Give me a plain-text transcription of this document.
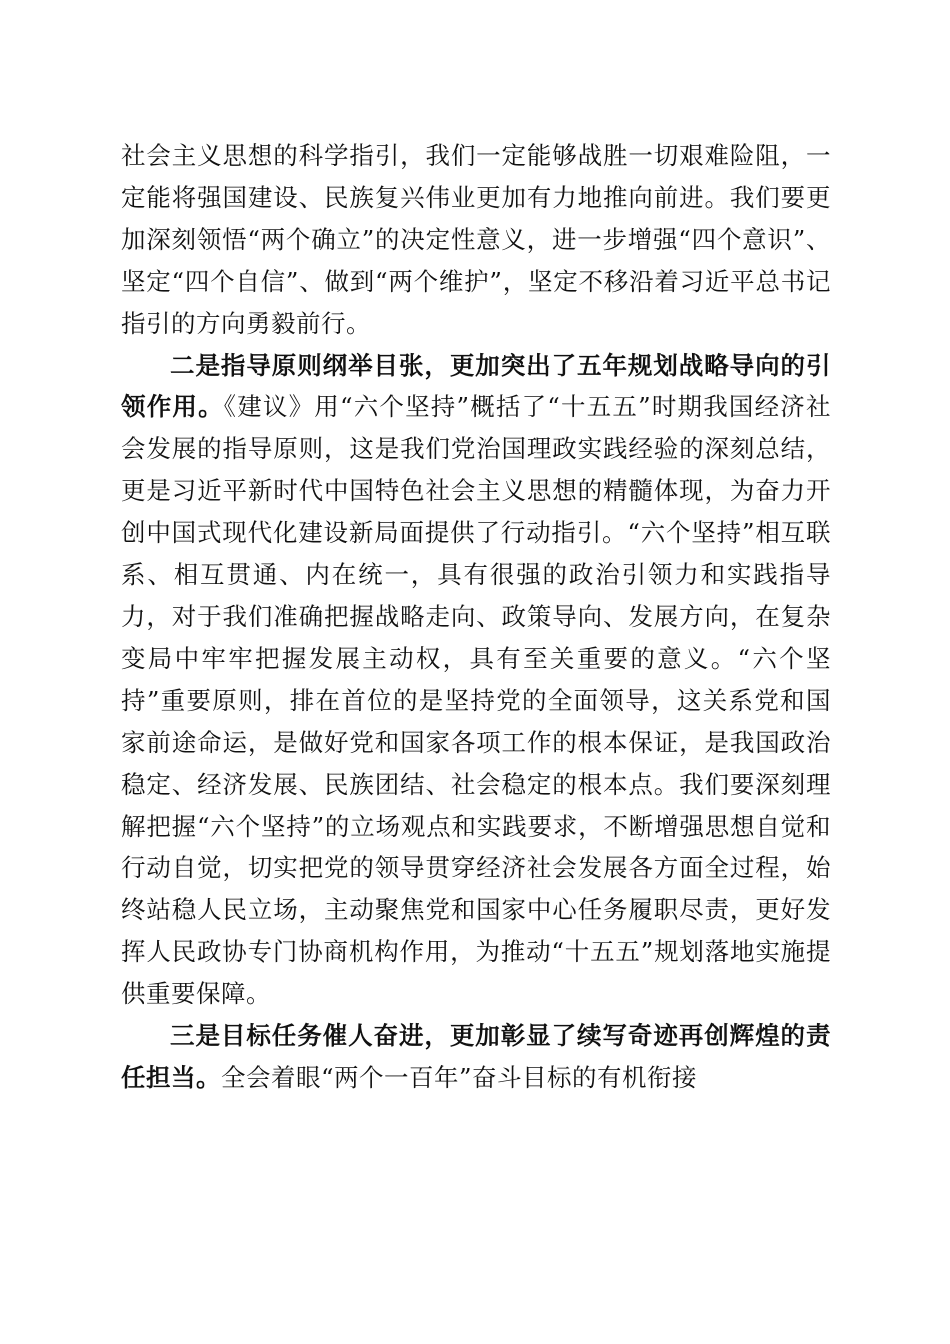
社会主义思想的科学指引，我们一定能够战胜一切艰难险阻，一定能将强国建设、民族复兴伟业更加有力地推向前进。我们要更加深刻领悟“两个确立”的决定性意义，进一步增强“四个意识”、坚定“四个自信”、做到“两个维护”，坚定不移沿着习近平总书记指引的方向勇毅前行。

二是指导原则纲举目张，更加突出了五年规划战略导向的引领作用。《建议》用“六个坚持”概括了“十五五”时期我国经济社会发展的指导原则，这是我们党治国理政实践经验的深刻总结，更是习近平新时代中国特色社会主义思想的精髓体现，为奋力开创中国式现代化建设新局面提供了行动指引。“六个坚持”相互联系、相互贯通、内在统一，具有很强的政治引领力和实践指导力，对于我们准确把握战略走向、政策导向、发展方向，在复杂变局中牢牢把握发展主动权，具有至关重要的意义。“六个坚持”重要原则，排在首位的是坚持党的全面领导，这关系党和国家前途命运，是做好党和国家各项工作的根本保证，是我国政治稳定、经济发展、民族团结、社会稳定的根本点。我们要深刻理解把握“六个坚持”的立场观点和实践要求，不断增强思想自觉和行动自觉，切实把党的领导贯穿经济社会发展各方面全过程，始终站稳人民立场，主动聚焦党和国家中心任务履职尽责，更好发挥人民政协专门协商机构作用，为推动“十五五”规划落地实施提供重要保障。

三是目标任务催人奋进，更加彰显了续写奇迹再创辉煌的责任担当。全会着眼“两个一百年”奋斗目标的有机衔接
